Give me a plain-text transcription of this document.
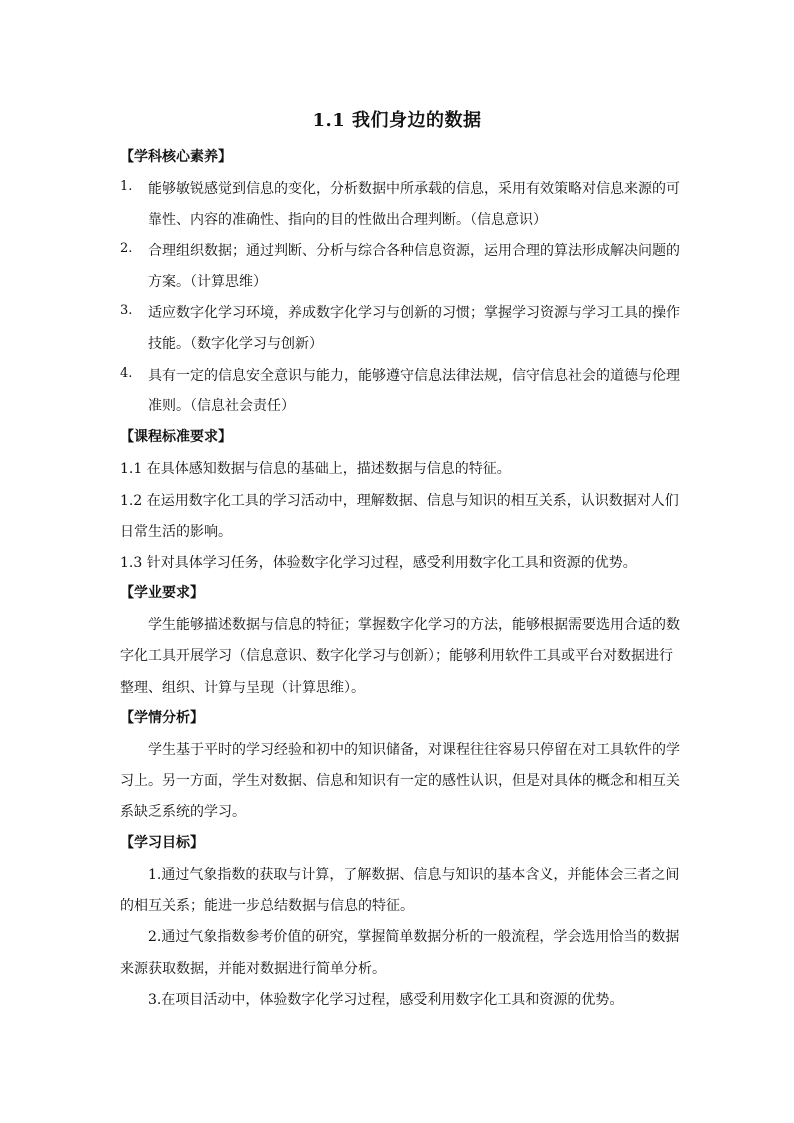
1.1 我们身边的数据
【学科核心素养】
1. 能够敏锐感觉到信息的变化，分析数据中所承载的信息，采用有效策略对信息来源的可
靠性、内容的准确性、指向的目的性做出合理判断。（信息意识）
2. 合理组织数据；通过判断、分析与综合各种信息资源，运用合理的算法形成解决问题的
方案。（计算思维）
3. 适应数字化学习环境，养成数字化学习与创新的习惯；掌握学习资源与学习工具的操作
技能。（数字化学习与创新）
4. 具有一定的信息安全意识与能力，能够遵守信息法律法规，信守信息社会的道德与伦理
准则。（信息社会责任）
【课程标准要求】
1.1 在具体感知数据与信息的基础上，描述数据与信息的特征。
1.2 在运用数字化工具的学习活动中，理解数据、信息与知识的相互关系，认识数据对人们
日常生活的影响。
1.3 针对具体学习任务，体验数字化学习过程，感受利用数字化工具和资源的优势。
【学业要求】
学生能够描述数据与信息的特征；掌握数字化学习的方法，能够根据需要选用合适的数
字化工具开展学习（信息意识、数字化学习与创新）；能够利用软件工具或平台对数据进行
整理、组织、计算与呈现（计算思维）。
【学情分析】
学生基于平时的学习经验和初中的知识储备，对课程往往容易只停留在对工具软件的学
习上。另一方面，学生对数据、信息和知识有一定的感性认识，但是对具体的概念和相互关
系缺乏系统的学习。
【学习目标】
1.通过气象指数的获取与计算，了解数据、信息与知识的基本含义，并能体会三者之间
的相互关系；能进一步总结数据与信息的特征。
2.通过气象指数参考价值的研究，掌握简单数据分析的一般流程，学会选用恰当的数据
来源获取数据，并能对数据进行简单分析。
3.在项目活动中，体验数字化学习过程，感受利用数字化工具和资源的优势。
